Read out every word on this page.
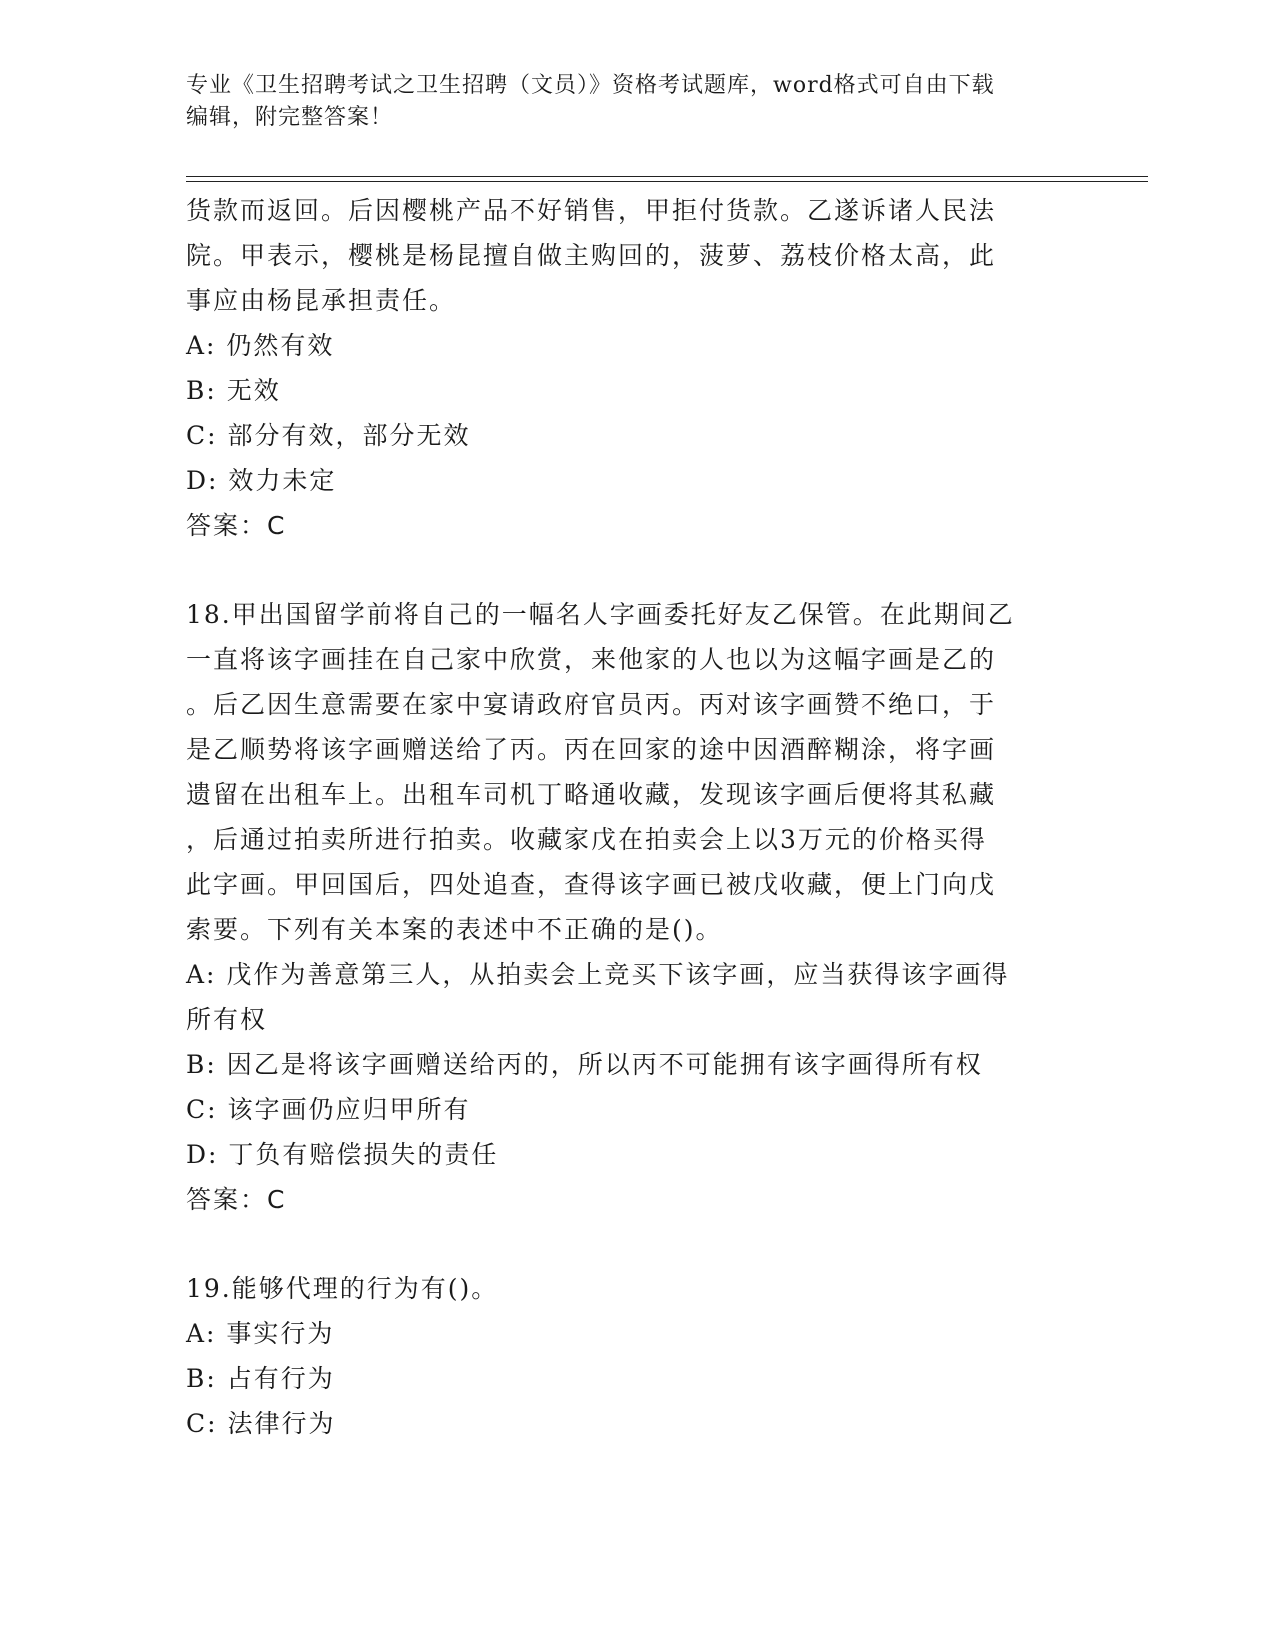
专业《卫生招聘考试之卫生招聘（文员）》资格考试题库，word格式可自由下载
编辑，附完整答案！
货款而返回。后因樱桃产品不好销售，甲拒付货款。乙遂诉诸人民法
院。甲表示，樱桃是杨昆擅自做主购回的，菠萝、荔枝价格太高，此
事应由杨昆承担责任。
A: 仍然有效
B: 无效
C: 部分有效，部分无效
D: 效力未定
答案：C
18.甲出国留学前将自己的一幅名人字画委托好友乙保管。在此期间乙
一直将该字画挂在自己家中欣赏，来他家的人也以为这幅字画是乙的
。后乙因生意需要在家中宴请政府官员丙。丙对该字画赞不绝口，于
是乙顺势将该字画赠送给了丙。丙在回家的途中因酒醉糊涂，将字画
遗留在出租车上。出租车司机丁略通收藏，发现该字画后便将其私藏
，后通过拍卖所进行拍卖。收藏家戊在拍卖会上以3万元的价格买得
此字画。甲回国后，四处追查，查得该字画已被戊收藏，便上门向戊
索要。下列有关本案的表述中不正确的是()。
A: 戊作为善意第三人，从拍卖会上竞买下该字画，应当获得该字画得
所有权
B: 因乙是将该字画赠送给丙的，所以丙不可能拥有该字画得所有权
C: 该字画仍应归甲所有
D: 丁负有赔偿损失的责任
答案：C
19.能够代理的行为有()。
A: 事实行为
B: 占有行为
C: 法律行为
